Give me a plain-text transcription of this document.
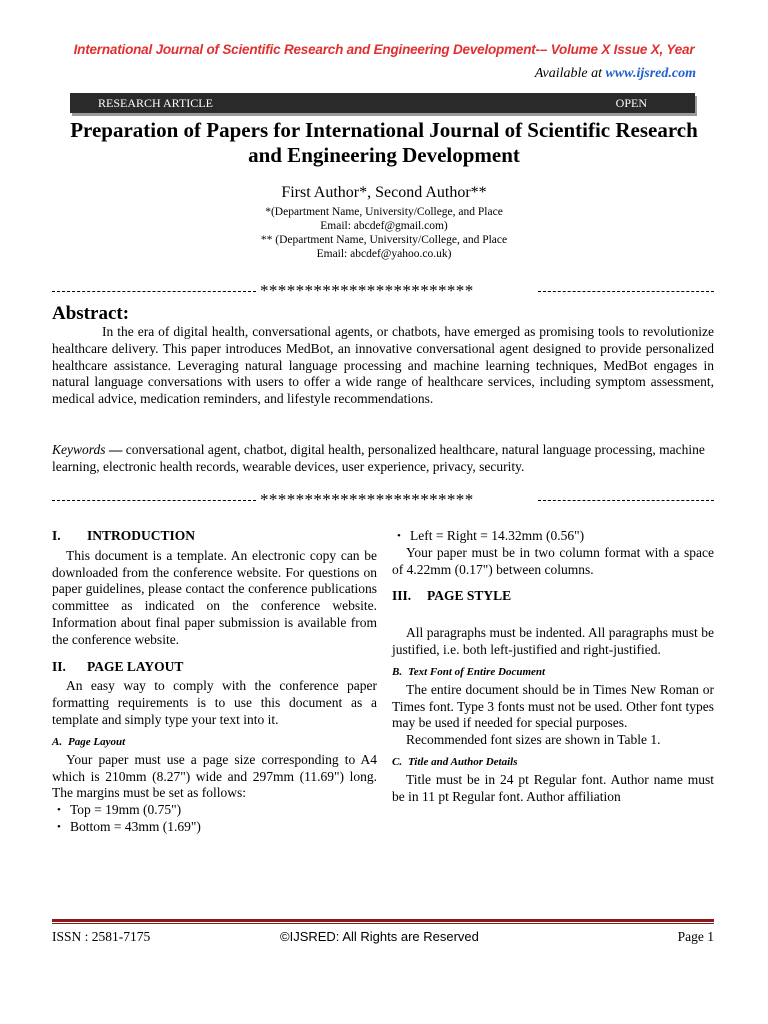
International Journal of Scientific Research and Engineering Development-– Volume X Issue X, Year
Available at www.ijsred.com
RESEARCH ARTICLE	OPEN
Preparation of Papers for International Journal of Scientific Research and Engineering Development
First Author*, Second Author**
*(Department Name, University/College, and Place
Email: abcdef@gmail.com)
** (Department Name, University/College, and Place
Email: abcdef@yahoo.co.uk)
************************
Abstract:
In the era of digital health, conversational agents, or chatbots, have emerged as promising tools to revolutionize healthcare delivery. This paper introduces MedBot, an innovative conversational agent designed to provide personalized healthcare assistance. Leveraging natural language processing and machine learning techniques, MedBot engages in natural language conversations with users to offer a wide range of healthcare services, including symptom assessment, medical advice, medication reminders, and lifestyle recommendations.
Keywords — conversational agent, chatbot, digital health, personalized healthcare, natural language processing, machine learning, electronic health records, wearable devices, user experience, privacy, security.
************************
I. INTRODUCTION

This document is a template. An electronic copy can be downloaded from the conference website. For questions on paper guidelines, please contact the conference publications committee as indicated on the conference website. Information about final paper submission is available from the conference website.

II. PAGE LAYOUT

An easy way to comply with the conference paper formatting requirements is to use this document as a template and simply type your text into it.

A. Page Layout

Your paper must use a page size corresponding to A4 which is 210mm (8.27") wide and 297mm (11.69") long. The margins must be set as follows:

• Top = 19mm (0.75")
• Bottom = 43mm (1.69")
• Left = Right = 14.32mm (0.56")

Your paper must be in two column format with a space of 4.22mm (0.17") between columns.

III. PAGE STYLE

All paragraphs must be indented. All paragraphs must be justified, i.e. both left-justified and right-justified.

B. Text Font of Entire Document

The entire document should be in Times New Roman or Times font. Type 3 fonts must not be used. Other font types may be used if needed for special purposes.

Recommended font sizes are shown in Table 1.

C. Title and Author Details

Title must be in 24 pt Regular font. Author name must be in 11 pt Regular font. Author affiliation

ISSN : 2581-7175	©IJSRED: All Rights are Reserved	Page 1
